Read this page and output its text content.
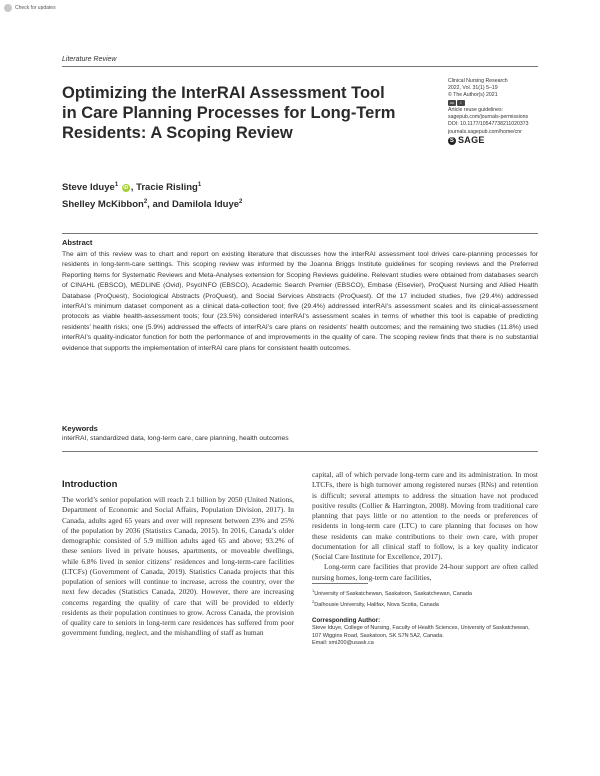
Check for updates
Literature Review
Optimizing the InterRAI Assessment Tool in Care Planning Processes for Long-Term Residents: A Scoping Review
Clinical Nursing Research
2022, Vol. 31(1) 5–19
© The Author(s) 2021
cc	i
Article reuse guidelines:
sagepub.com/journals-permissions
DOI: 10.1177/10547738211020373
journals.sagepub.com/home/cnr
S SAGE
Steve Iduye$^1$ iD , Tracie Risling$^1$
Shelley McKibbon$^2$, and Damilola Iduye$^2$
Abstract

The aim of this review was to chart and report on existing literature that discusses how the interRAI assessment tool drives care-planning processes for residents in long-term-care settings. This scoping review was informed by the Joanna Briggs Institute guidelines for scoping reviews and the Preferred Reporting Items for Systematic Reviews and Meta-Analyses extension for Scoping Reviews guideline. Relevant studies were obtained from databases search of CINAHL (EBSCO), MEDLINE (Ovid), PsycINFO (EBSCO), Academic Search Premier (EBSCO), Embase (Elsevier), ProQuest Nursing and Allied Health Database (ProQuest), Sociological Abstracts (ProQuest), and Social Services Abstracts (ProQuest). Of the 17 included studies, five (29.4%) addressed interRAI’s minimum dataset component as a clinical data-collection tool; five (29.4%) addressed interRAI’s assessment scales and its clinical-assessment protocols as viable health-assessment tools; four (23.5%) considered interRAI’s assessment scales in terms of whether this tool is capable of predicting residents’ health risks; one (5.9%) addressed the effects of interRAI’s care plans on residents’ health outcomes; and the remaining two studies (11.8%) used interRAI’s quality-indicator function for both the performance of and improvements in the quality of care. The scoping review finds that there is no substantial evidence that supports the implementation of interRAI care plans for consistent health outcomes.

Keywords

interRAI, standardized data, long-term care, care planning, health outcomes

Introduction

The world’s senior population will reach 2.1 billion by 2050 (United Nations, Department of Economic and Social Affairs, Population Division, 2017). In Canada, adults aged 65 years and over will represent between 23% and 25% of the population by 2036 (Statistics Canada, 2015). In 2016, Canada’s older demographic consisted of 5.9 million adults aged 65 and above; 93.2% of these seniors lived in private houses, apartments, or moveable dwellings, while 6.8% lived in senior citizens’ residences and long-term-care facilities (LTCFs) (Government of Canada, 2019). Statistics Canada projects that this population of seniors will continue to increase, across the country, over the next few decades (Statistics Canada, 2020). However, there are increasing concerns regarding the quality of care that will be provided to elderly residents as their population continues to grow. Across Canada, the provision of quality care to seniors in long-term care residences has suffered from poor government funding, neglect, and the mishandling of staff as human

capital, all of which pervade long-term care and its administration. In most LTCFs, there is high turnover among registered nurses (RNs) and retention is difficult; several attempts to address the situation have not produced positive results (Collier & Harrington, 2008). Moving from traditional care planning that pays little or no attention to the needs or preferences of residents in long-term care (LTC) to care planning that focuses on how these residents can make contributions to their own care, with proper documentation for all clinical staff to follow, is a key quality indicator (Social Care Institute for Excellence, 2017).

Long-term care facilities that provide 24-hour support are often called nursing homes, long-term care facilities,

$^1$University of Saskatchewan, Saskatoon, Saskatchewan, Canada
$^2$Dalhousie University, Halifax, Nova Scotia, Canada
Corresponding Author:
Steve Iduye, College of Nursing, Faculty of Health Sciences, University of Saskatchewan, 107 Wiggins Road, Saskatoon, SK S7N 5A2, Canada.
Email: smi200@usask.ca
